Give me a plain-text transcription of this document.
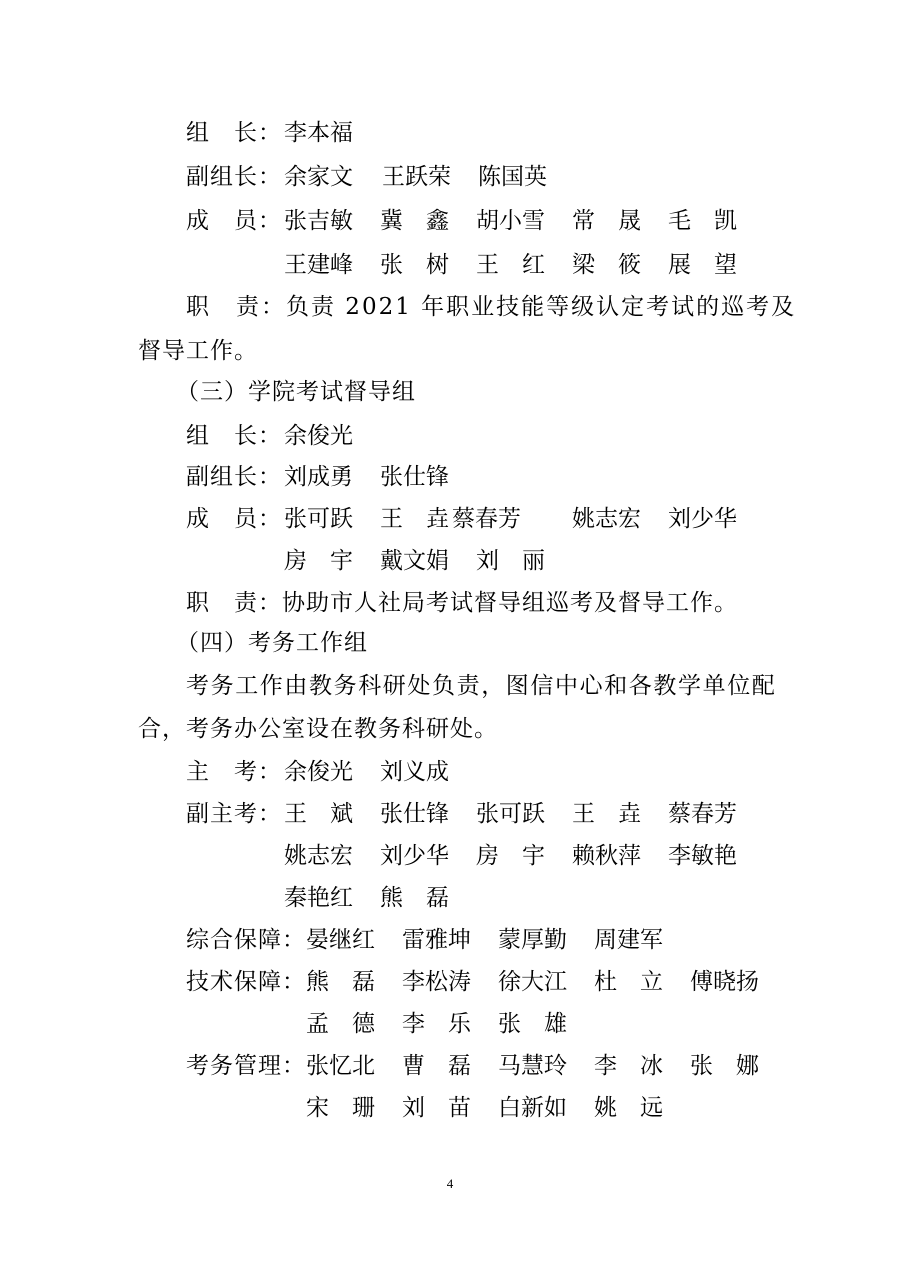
组　长： 李本福
副组长： 余家文 王跃荣 陈国英
成　员： 张吉敏 冀　鑫 胡小雪 常　晟 毛　凯
王建峰 张　树 王　红 梁　筱 展　望
职　责：负责 2021 年职业技能等级认定考试的巡考及
督导工作。
（三）学院考试督导组
组　长： 余俊光
副组长： 刘成勇 张仕锋
成　员： 张可跃 王　垚 蔡春芳 姚志宏 刘少华
房　宇 戴文娟 刘　丽
职　责：协助市人社局考试督导组巡考及督导工作。
（四）考务工作组
考务工作由教务科研处负责，图信中心和各教学单位配
合，考务办公室设在教务科研处。
主　考： 余俊光 刘义成
副主考： 王　斌 张仕锋 张可跃 王　垚 蔡春芳
姚志宏 刘少华 房　宇 赖秋萍 李敏艳
秦艳红 熊　磊
综合保障： 晏继红 雷雅坤 蒙厚勤 周建军
技术保障： 熊　磊 李松涛 徐大江 杜　立 傅晓扬
孟　德 李　乐 张　雄
考务管理： 张忆北 曹　磊 马慧玲 李　冰 张　娜
宋　珊 刘　苗 白新如 姚　远
4
